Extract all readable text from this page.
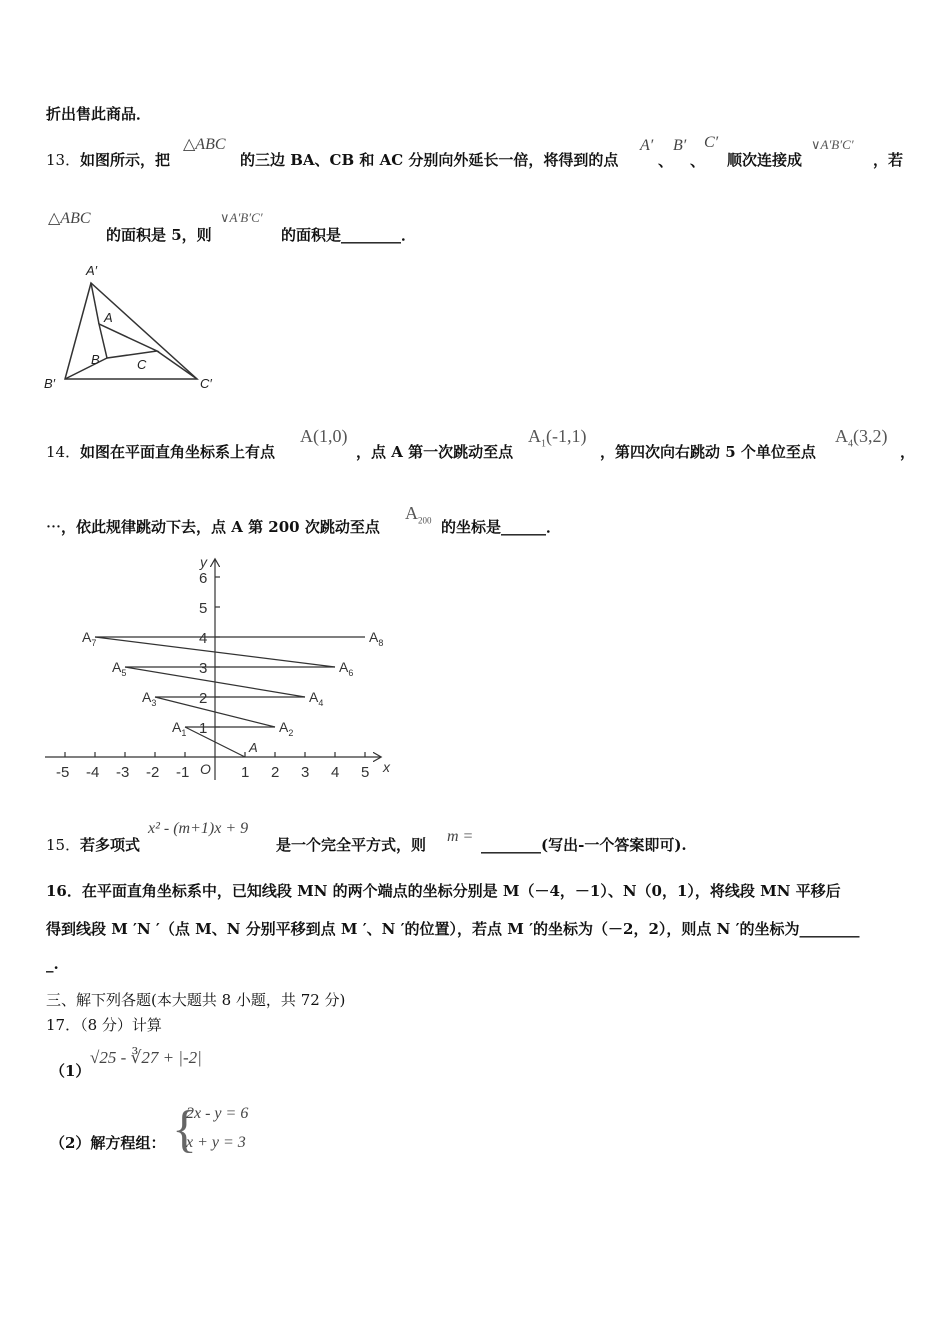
折出售此商品．
13． 如图所示，把
△ABC
的三边 BA、CB 和 AC 分别向外延长一倍，将得到的点
A′
、
B′
、
C′
顺次连接成
∨A′B′C′
，若
△ABC
的面积是 5，则
∨A′B′C′
的面积是________．
A′
A
B	C
B′	C′
14． 如图在平面直角坐标系上有点
A(1,0)
，点 A 第一次跳动至点
$A_1(-1,1)$
，第四次向右跳动 5 个单位至点
$A_4(3,2)$
，
⋯，依此规律跳动下去，点 A 第 200 次跳动至点
$A_{200}$ 的坐标是______．
-5 -4 -3 -2 -1	1 2 3 4 5
1
2
3
4
5
6
A
$A_1$	$A_2$
$A_3$	$A_4$
$A_5$	$A_6$
$A_7$	$A_8$
x
y
O
15． 若多项式
x² - (m+1)x + 9
是一个完全平方式，则 m = ________(写出-一个答案即可).
16．在平面直角坐标系中，已知线段 MN 的两个端点的坐标分别是 M（－4，－1）、N（0，1），将线段 MN 平移后
得到线段 M ′N ′（点 M、N 分别平移到点 M ′、N ′的位置），若点 M ′的坐标为（－2，2），则点 N ′的坐标为________
_.
三、解下列各题(本大题共 8 小题，共 72 分)
17．（8 分）计算
（1）
√25 - ∛27 + |-2|
（2）解方程组： {
2x - y = 6
x + y = 3
